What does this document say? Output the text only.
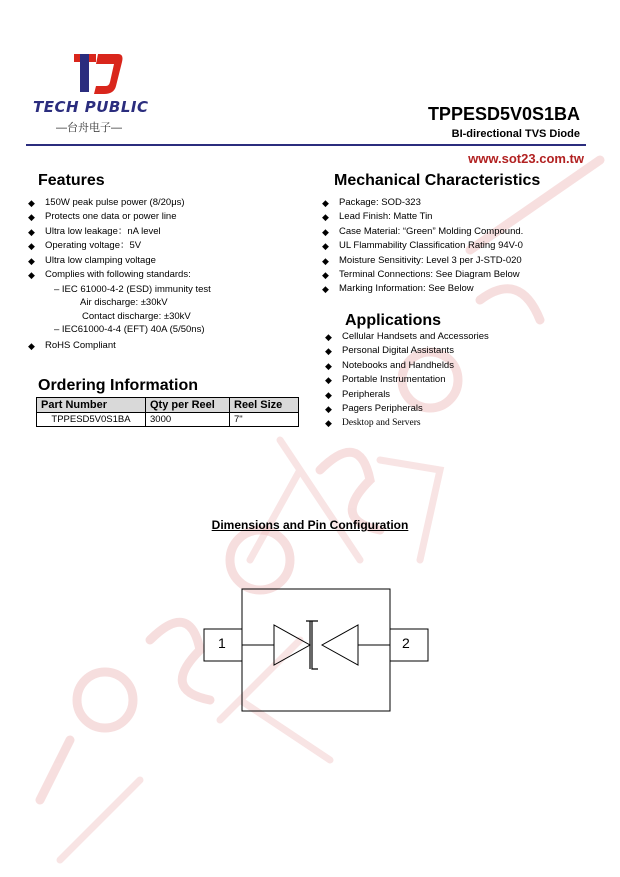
TECH PUBLIC
—台舟电子—
TPPESD5V0S1BA
BI-directional TVS Diode
www.sot23.com.tw
Features
◆ 150W peak pulse power (8/20μs)
◆ Protects one data or power line
◆ Ultra low leakage：nA level
◆ Operating voltage：5V
◆ Ultra low clamping voltage
◆ Complies with following standards:
– IEC 61000-4-2 (ESD) immunity test
Air discharge: ±30kV
Contact discharge: ±30kV
– IEC61000-4-4 (EFT) 40A (5/50ns)
◆ RoHS Compliant
Mechanical Characteristics
◆ Package: SOD-323
◆ Lead Finish: Matte Tin
◆ Case Material: “Green” Molding Compound.
◆ UL Flammability Classification Rating 94V-0
◆ Moisture Sensitivity: Level 3 per J-STD-020
◆ Terminal Connections: See Diagram Below
◆ Marking Information: See Below
Applications
◆ Cellular Handsets and Accessories
◆ Personal Digital Assistants
◆ Notebooks and Handhelds
◆ Portable Instrumentation
◆ Peripherals
◆ Pagers Peripherals
◆ Desktop and Servers
Ordering Information
Part Number	Qty per Reel	Reel Size
TPPESD5V0S1BA	3000	7"
Dimensions and Pin Configuration
1	2
